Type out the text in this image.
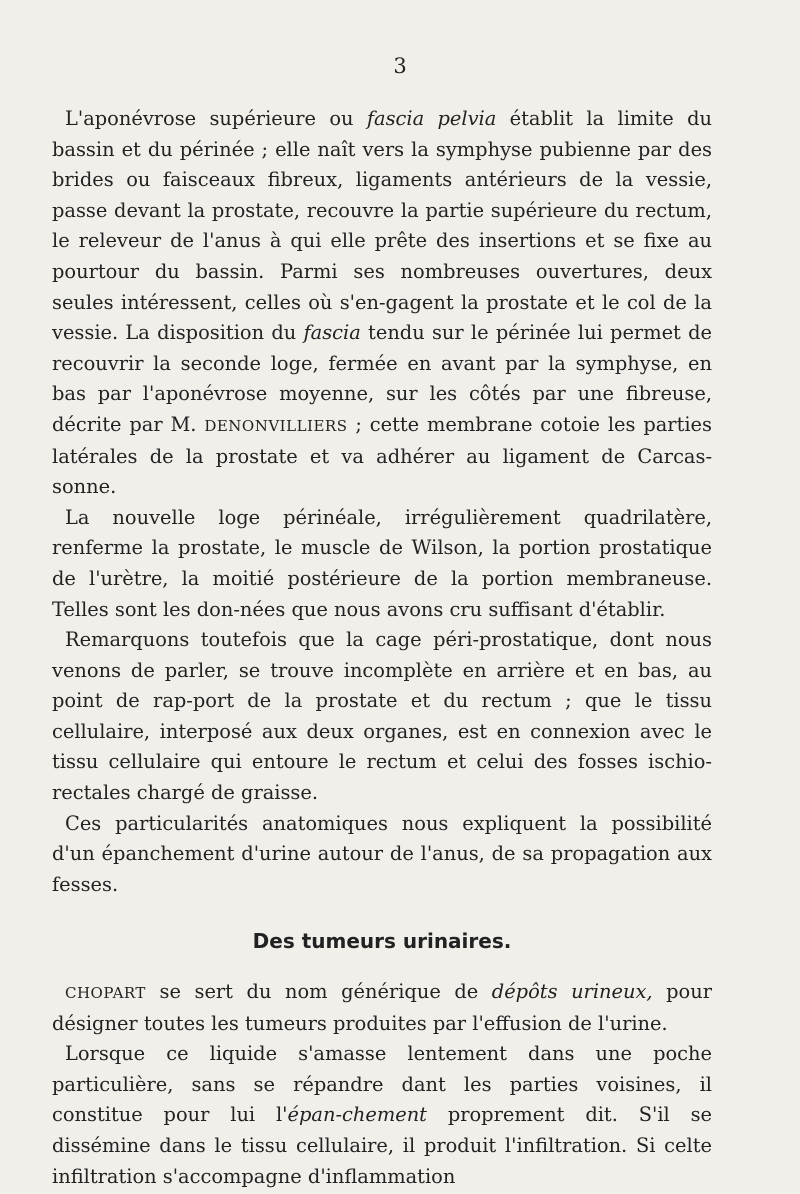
3

L'aponévrose supérieure ou fascia pelvia établit la limite du bassin et du périnée ; elle naît vers la symphyse pubienne par des brides ou faisceaux fibreux, ligaments antérieurs de la vessie, passe devant la prostate, recouvre la partie supérieure du rectum, le releveur de l'anus à qui elle prête des insertions et se fixe au pourtour du bassin. Parmi ses nombreuses ouvertures, deux seules intéressent, celles où s'en-gagent la prostate et le col de la vessie. La disposition du fascia tendu sur le périnée lui permet de recouvrir la seconde loge, fermée en avant par la symphyse, en bas par l'aponévrose moyenne, sur les côtés par une fibreuse, décrite par M. DENONVILLIERS ; cette membrane cotoie les parties latérales de la prostate et va adhérer au ligament de Carcas-sonne.

La nouvelle loge périnéale, irrégulièrement quadrilatère, renferme la prostate, le muscle de Wilson, la portion prostatique de l'urètre, la moitié postérieure de la portion membraneuse. Telles sont les don-nées que nous avons cru suffisant d'établir.

Remarquons toutefois que la cage péri-prostatique, dont nous venons de parler, se trouve incomplète en arrière et en bas, au point de rap-port de la prostate et du rectum ; que le tissu cellulaire, interposé aux deux organes, est en connexion avec le tissu cellulaire qui entoure le rectum et celui des fosses ischio-rectales chargé de graisse.

Ces particularités anatomiques nous expliquent la possibilité d'un épanchement d'urine autour de l'anus, de sa propagation aux fesses.

Des tumeurs urinaires.

CHOPART se sert du nom générique de dépôts urineux, pour désigner toutes les tumeurs produites par l'effusion de l'urine.

Lorsque ce liquide s'amasse lentement dans une poche particulière, sans se répandre dant les parties voisines, il constitue pour lui l'épan-chement proprement dit. S'il se dissémine dans le tissu cellulaire, il produit l'infiltration. Si celte infiltration s'accompagne d'inflammation
